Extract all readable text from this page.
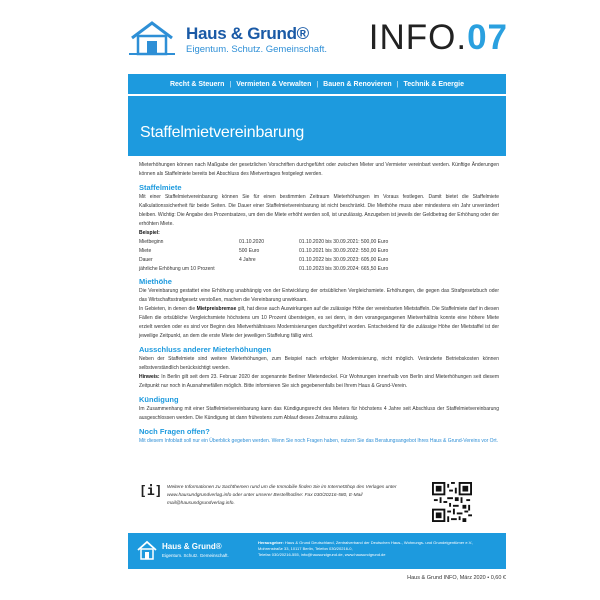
Haus & Grund®
Eigentum. Schutz. Gemeinschaft. INFO.07
Recht & Steuern | Vermieten & Verwalten | Bauen & Renovieren | Technik & Energie
Staffelmietvereinbarung

Mieterhöhungen können nach Maßgabe der gesetzlichen Vorschriften durchgeführt oder zwischen Mieter und Vermieter vereinbart werden. Künftige Änderungen können als Staffelmiete bereits bei Abschluss des Mietvertrages festgelegt werden.

Staffelmiete

Mit einer Staffelmietvereinbarung können Sie für einen bestimmten Zeitraum Mieterhöhungen im Voraus festlegen. Damit bietet die Staffelmiete Kalkulationssicherheit für beide Seiten. Die Dauer einer Staffelmietvereinbarung ist nicht beschränkt. Die Miethöhe muss aber mindestens ein Jahr unverändert bleiben. Wichtig: Die Angabe des Prozentsatzes, um den die Miete erhöht werden soll, ist unzulässig. Anzugeben ist jeweils der Geldbetrag der Erhöhung oder der erhöhten Miete.

Beispiel:
Mietbeginn	01.10.2020	01.10.2020 bis 30.09.2021: 500,00 Euro
Miete	500 Euro	01.10.2021 bis 30.09.2022: 550,00 Euro
Dauer	4 Jahre	01.10.2022 bis 30.09.2023: 605,00 Euro
jährliche Erhöhung um 10 Prozent		01.10.2023 bis 30.09.2024: 665,50 Euro
Miethöhe

Die Vereinbarung gestattet eine Erhöhung unabhängig von der Entwicklung der ortsüblichen Vergleichsmiete. Erhöhungen, die gegen das Strafgesetzbuch oder das Wirtschaftsstrafgesetz verstoßen, machen die Vereinbarung unwirksam.

In Gebieten, in denen die Mietpreisbremse gilt, hat diese auch Auswirkungen auf die zulässige Höhe der vereinbarten Mietstaffeln. Die Staffelmiete darf in diesen Fällen die ortsübliche Vergleichsmiete höchstens um 10 Prozent übersteigen, es sei denn, in den vorangegangenen Mietverhältnis konnte eine höhere Miete erzielt werden oder es sind vor Beginn des Mietverhältnisses Modernisierungen durchgeführt worden. Entscheidend für die zulässige Höhe der Mietstaffel ist der jeweilige Zeitpunkt, an dem die erste Miete der jeweiligen Staffelung fällig wird.

Ausschluss anderer Mieterhöhungen

Neben der Staffelmiete sind weitere Mieterhöhungen, zum Beispiel nach erfolgter Modernisierung, nicht möglich. Veränderte Betriebskosten können selbstverständlich berücksichtigt werden.

Hinweis: In Berlin gilt seit dem 23. Februar 2020 der sogenannte Berliner Mietendeckel. Für Wohnungen innerhalb von Berlin sind Mieterhöhungen seit diesem Zeitpunkt nur noch in Ausnahmefällen möglich. Bitte informieren Sie sich gegebenenfalls bei Ihrem Haus & Grund-Verein.

Kündigung

Im Zusammenhang mit einer Staffelmietvereinbarung kann das Kündigungsrecht des Mieters für höchstens 4 Jahre seit Abschluss der Staffelmietvereinbarung ausgeschlossen werden. Die Kündigung ist dann frühestens zum Ablauf dieses Zeitraums zulässig.

Noch Fragen offen?

Mit diesem Infoblatt soll nur ein Überblick gegeben werden. Wenn Sie noch Fragen haben, nutzen Sie das Beratungsangebot Ihres Haus & Grund-Vereins vor Ort.

[i] Weitere Informationen zu Sachthemen rund um die Immobilie finden Sie im InternetShop des Verlages unter www.hausundgrundverlag.info oder unter unserer Bestellhotline: Fax 030/20216-580, E-Mail mail@hausundgrundverlag.info.
Haus & Grund®
Eigentum. Schutz. Gemeinschaft.
Herausgeber: Haus & Grund Deutschland, Zentralverband der Deutschen Haus-, Wohnungs- und Grundeigentümer e.V., Mohrenstraße 33, 10117 Berlin, Telefon 030/20216-0,
Telefax 030/20216-555, info@hausundgrund.de, www.hausundgrund.de
Haus & Grund INFO, März 2020 • 0,60 €
